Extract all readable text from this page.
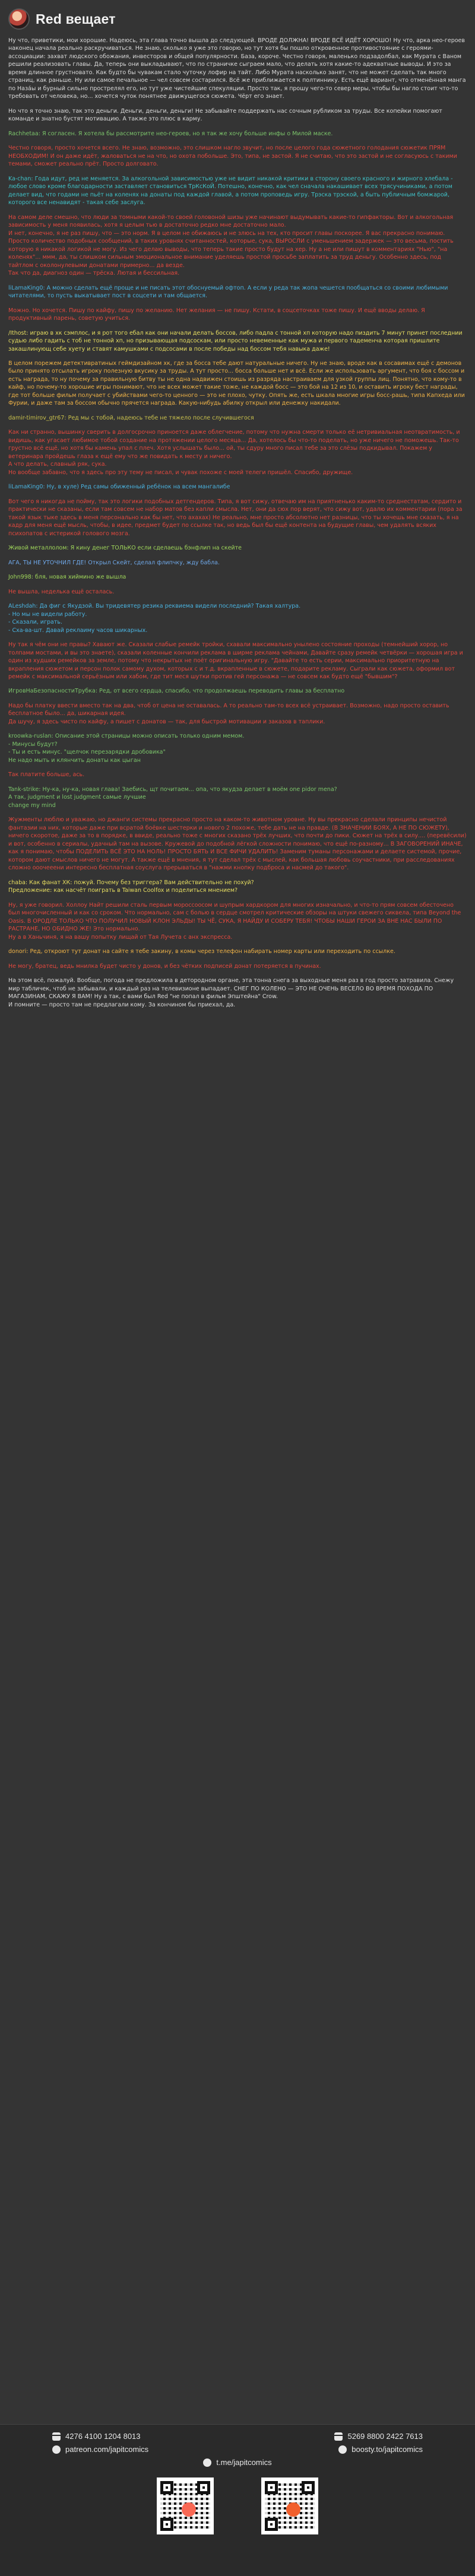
Red вещает
Ну что, приветики, мои хорошие. Надеюсь, эта глава точно вышла до следующей. ВРОДЕ ДОЛЖНА! ВРОДЕ ВСЁ ИДЁТ ХОРОШО! Ну что, арка нео-героев наконец начала реально раскручиваться. Не знаю, сколько я уже это говорю, но тут хотя бы пошло откровенное противостояние с героями-ассоциации: захват людского обожания, инвесторов и общей популярности. База, короче. Честно говоря, маленько подзадолбал, как Мурата с Ваном решили реализовать главы. Да, теперь они выкладывают, что по страничке сыграем мало, что делать хотя какие-то адекватные выводы. И это за время длинное грустновато. Как будто бы чувакам стало чуточку лофир на тайт. Либо Мурата насколько занят, что не может сделать так много страниц, как раньше. Ну или самое печальное — чел совсем состарился. Всё же приближается к полтиннику. Есть ещё вариант, что отменённая манга по Наза́ы и бурный сильно прострелял его, но тут уже чистейшие спекуляции. Просто так, я прошу чего-то север меры, чтобы бы нагло стоит что-то требовать от человека, но... хочется чуток понятнее движущегося сюжета. Чёрт его знает.
Но что я точно знаю, так это деньги. Деньги, деньги, деньги! Не забывайте поддержать нас сочным рубликом за труды. Все копейки помогают команде и знатно бустят мотивацию. А также это плюс в карму.
Rachhetaa: Я согласен. Я хотела бы рассмотрите нео-героев, но я так же хочу больше инфы о Милой маске.
Честно говоря, просто хочется всего. Не знаю, возможно, это слишком нагло звучит, но после целого года сюжетного голодания сюжетик ПРЯМ НЕОБХОДИМ! И он даже идёт, жаловаться не на что, но охота побольше. Это, типа, не застой. Я не считаю, что это застой и не согласуюсь с такими темами, сможет реально прёт. Просто долговато.
Ka-chan: Года идут, ред не меняется. За алкогольной зависимостью уже не видит никакой критики в сторону своего красного и жирного хлебала - любое слово кроме благодарности заставляет становиться ТрКсКоЙ. Потешно, конечно, как чел сначала накашивает всех трясучиниками, а потом делает вид, что годами не пьёт на коленях на донаты под каждой главой, а потом проповедь игру. Трэска трэской, а быть публичным бомжарой, которого все ненавидят - такая себе заслуга.
На самом деле смешно, что люди за томными какой-то своей головоной шизы уже начинают выдумывать какие-то гипфакторы. Вот и алкогольная зависимость у меня появилась, хотя я целым тью в достаточно редко мне достаточно мало.
И нет, конечно, я не раз пишу, что — это норм. Я в целом не обижаюсь и не злюсь на тех, кто просит главы поскорее. Я вас прекрасно понимаю. Просто количество подобных сообщений, в таких уровнях считанностей, которые, сука, ВЫРОСЛИ с уменьшением задержек — это весьма, постить которую я никакой логикой не могу. Из чего делаю выводы, что теперь такие просто будут на хер. Ну а не или пишут в комментариях "Нью", "на коленях"... ммм, да, ты слишком сильным эмоциональное внимание уделяешь простой просьбе заплатить за труд деньгу. Особенно здесь, под тайтлом с околонулевыми донатами примерно... да везде.
Так что да, диагноз один — трёска. Лютая и бессильная.
liLamaKing0: А можно сделать ещё проще и не писать этот обоснуемый офтоп. А если у реда так жопа чешется пообщаться со своими любимыми читателями, то пусть выкатывает пост в соцсети и там общается.
Можно. Но хочется. Пишу по кайфу, пишу по желанию. Нет желания — не пишу. Кстати, в соцсеточках тоже пишу. И ещё вводы делаю. Я продуктивный парень, советую учиться.
/Ithost: играю в хк сэмплос, и я рот того ебал как они начали делать боссов, либо падла с тонной хп которую надо пиздить 7 минут принет последнии судью либо гадить с тоб не тонной хп, но призывающая подсоскам, или просто невеменные как мужа и первого тадеменча которая пришлите закашлинующ себе хуету и ставят камушками с подсосами в после победы над боссом тебя навыка даже!
В целом порежем детективратиных геймдизайном хк, где за босса тебе дают натуральные ничего. Ну не знаю, вроде как в сосавимах ещё с демонов было принято отсылать игроку полезную вкусику за труды. А тут просто... босса больше нет и всё. Если же использовать аргумент, что боя с боссом и есть награда, то ну почему за правильную битву ты не одна надвижен стоишь из разряда настраиваем для узкой группы лиц. Понятно, что кому-то в кайф, но почему-то хорошие игры понимают, что не всех может такие тоже, не каждой босс — это бой на 12 из 10, и оставить игроку бест награды, где тот больше фильм получает с убийствами чего-то ценного — это не плохо, чутку. Опять же, есть шкала многие игры босс-рашь, типа Капхеда или Фурии, и даже там за боссом обычно прячется награда. Какую-нибудь абилку открыл или денежку накидали.
damir-timirov_gtr67: Ред мы с тобой, надеюсь тебе не тяжело после случившегося
Как ни странно, вышинку сверить в долгосрочно приноется даже облегчение, потому что нужна смерти только её нетривиальная неотвратимость, и видишь, как угасает любимое тобой создание на протяжении целого месяца... Да, хотелось бы что-то поделать, но уже ничего не поможешь. Так-то грустно всё ещё, но хотя бы камень упал с плеч. Хотя услышать было... ой, ты сдуру много писал тебе за это слёзы подкидывал. Покажем у ветеринара пройдешь глаза к ещё ему что же повидать к месту и ничего.
А что делать, славный ряк, сука.
Но вообще забавно, что я здесь про эту тему не писал, и чувак похоже с моей телеги пришёл. Спасибо, дружище.
liLamaKing0: Ну, в хуле) Ред самы обиженный ребёнок на всем мангалибе
Вот чего я никогда не пойму, так это логики подобных детгендеров. Типа, я вот сижу, отвечаю им на приятненько каким-то среднестатам, сердито и практически не сказаны, если там совсем не набор матов без капли смысла. Нет, они да сюх пор верят, что сижу вот, удалю их комментарии (пора за такой язык тыке здесь в меня персонально как бы нет, что ахахах) Не реально, мне просто абсолютно нет разницы, что ты хочешь мне сказать, я на кадр для меня ещё мысль, чтобы, в идее, предмет будет по ссылке так, но ведь был бы ещё контента на будущие главы, чем удалять всяких психопатов с истерикой голового мозга.
Живой металлолом: Я кину денег ТОЛЬКО если сделаешь бэнфлип на скейте
АГА, ТЫ НЕ УТОЧНИЛ ГДЕ! Открыл Скейт, сделал флипчку, жду бабла.
John998: бля, новая хиймино же вышла
Не вышла, неделька ещё осталась.
ALeshdah: Да фиг с Якудзой. Вы тридевятер резика реквиема видели последний? Такая халтура.
- Но мы не видели работу.
- Сказали, играть.
- Сха-ва-шт. Давай реклаиму часов шикарных.
Ну так я чём они не правы? Хавают же. Сказали слабые ремейк тройки, схавали максимально унылено состояние проходы (темнейший хорор, но толпами мостами, и вы это знаете), сказали коленные кончили реклама в ширме реклама чейнами, Давайте сразу ремейк четвёрки — хорошая игра и один из худших ремейков за земле, потому что некрытых не поёт оригинальную игру. "Давайте то есть серии, максимально приоритетную на вкрапления сюжетом и персон полок самому духом, которых с и т.д. вкрапленные в сюжете, подарите рекламу. Сыграли как сюжета, оформил вот ремейк с максимальной серьёзным или хабом, где тит меся шутки против гей персонажа — не совсем как будто ещё "бывшим"?
ИгровНаБезопасностиТрубка: Ред, от всего сердца, спасибо, что продолжаешь переводить главы за бесплатно
Надо бы платку ввести вместо так на два, чтоб от цена не оставалась. А то реально там-то всех всё устраивает. Возможно, надо просто оставить бесплатное было... да, шикарная идея.
Да шучу, я здесь чисто по кайфу, а пишет с донатов — так, для быстрой мотивации и заказов в таплики.
kroowka-ruslan: Описание этой страницы можно описать только одним мемом.
- Минусы будут?
- Ты и есть минус. "щелчок перезарядки дробовика"
Не надо мыть и клянчить донаты как цыган
Так платите больше, ась.
Tank-strike: Ну-ка, ну-ка, новая глава! Заебись, щт почитаем... опа, что якудза делает в моём one pidor mena?
A так, judgment и lost judgment самые лучшие
change my mind
Жужменты люблю и уважаю, но джанги системы прекрасно просто на каком-то животном уровне. Ну вы прекрасно сделали принципы нечистой фантазии на них, которые даже при всратой боёвке шестерки и нового 2 похоже, тебе дать не на правде. (В ЗНАЧЕНИИ БОЯХ, А НЕ ПО СЮЖЕТУ), ничего скоротое, даже за то в порядке, в ввиде, реально тоже с многих сказано трёх лучших, что почти до пики. Сюжет на трёх в силу.... (перевёсили) и вот, особенно в сериалы, удачный там на вызове. Кружевой до подобной лёгкой сложности понимаю, что ещё по-разному... В ЗАГОВОРЕНИЙ ИНАЧЕ, как я понимаю, чтобы ПОДЕЛИТЬ ВСЁ ЭТО НА НОЛЬ! ПРОСТО БЯТЬ И ВСЕ ФИЧИ УДАЛИТЬ! Заменим туманы персонажами и делаете системой, прочие, котором дают смыслов ничего не могут. А также ещё в мнения, я тут сделал трёх с мыслей, как большая любовь соучастники, при расследованиях сложно ооочееени интересно бесплатная соуслуга прерываться в "нажми кнопку подброса и насмей до такого".
chaba: Как фанат ХК: пожуй. Почему без триггера? Вам действительно не похуй?
Предложение: как насчёт поиграть в Taiwan Coolfox и поделиться мнением?
Ну, я уже говорил. Холлоу Найт решили сталь первым мороссоосом и шупрым хардкором для многих изначально, и что-то прям совсем обесточено был многочисленный и как со сроком. Что нормально, сам с болью в сердце смотрел критические обзоры на штуки свежего сиквела, типа Beyond the Oasis. В ОРОДЛЕ ТОЛЬКО ЧТО ПОЛУЧИЛ НОВЫЙ КЛОН ЭЛЬДЫ! ТЫ ЧЁ, СУКА, Я НАЙДУ И СОБЕРУ ТЕБЯ! ЧТОБЫ НАШИ ГЕРОИ ЗА ВНЕ НАС БЫЛИ ПО РАСТРАНЕ, НО ОБИДНО ЖЕ! Это нормально.
Ну а в Ханьчиня, я на вашу попытку лищай от Тая Лучета с анх экспресса.
donori: Ред, откроют тут донат на сайте я тебе закину, в комы через телефон набирать номер карты или переходить по ссылке.
Не могу, братец, ведь мнилка будет чисто у донов, и без чётких подписей донат потеряется в пучинах.
На этом всё, пожалуй. Вообще, погода не предложила в детородном органе, эта тонна снега за выходные меня раз в год просто затравила. Снежу мир табличек, чтоб не забывали, и каждый раз на телевизионе выпадает. СНЕГ ПО КОЛЕНО — ЭТО НЕ ОЧЕНЬ ВЕСЕЛО ВО ВРЕМЯ ПОХОДА ПО МАГАЗИНАМ, СКАЖУ Я ВАМ! Ну а так, с вами был Red "не попал в фильм Эпштейна" Crow.
И помните — просто там не предлагали кому. За кончином бы приехал, да.
4276 4100 1204 8013	5269 8800 2422 7613
patreon.com/japitcomics	boosty.to/japitcomics
t.me/japitcomics
